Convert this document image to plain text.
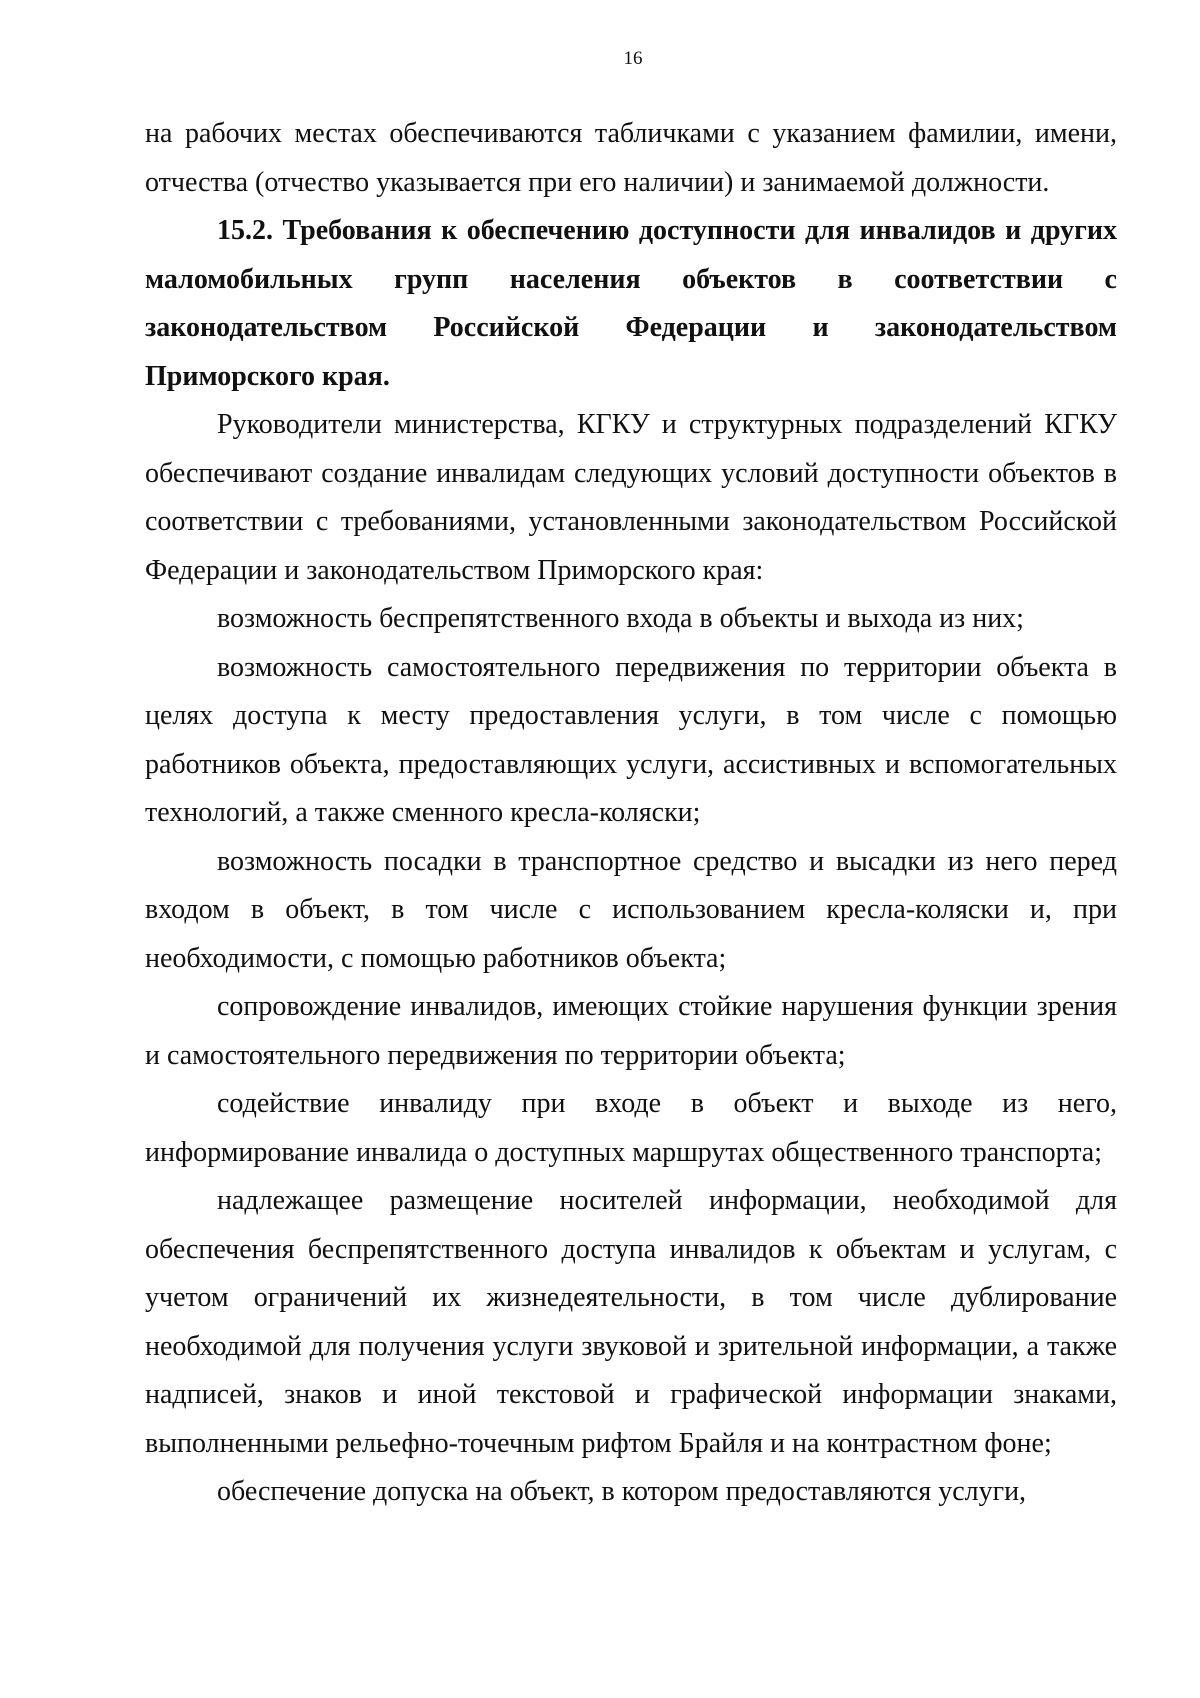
16

на рабочих местах обеспечиваются табличками с указанием фамилии, имени, отчества (отчество указывается при его наличии) и занимаемой должности.

15.2. Требования к обеспечению доступности для инвалидов и других маломобильных групп населения объектов в соответствии с законодательством Российской Федерации и законодательством Приморского края.

Руководители министерства, КГКУ и структурных подразделений КГКУ обеспечивают создание инвалидам следующих условий доступности объектов в соответствии с требованиями, установленными законодательством Российской Федерации и законодательством Приморского края:

возможность беспрепятственного входа в объекты и выхода из них;

возможность самостоятельного передвижения по территории объекта в целях доступа к месту предоставления услуги, в том числе с помощью работников объекта, предоставляющих услуги, ассистивных и вспомогательных технологий, а также сменного кресла-коляски;

возможность посадки в транспортное средство и высадки из него перед входом в объект, в том числе с использованием кресла-коляски и, при необходимости, с помощью работников объекта;

сопровождение инвалидов, имеющих стойкие нарушения функции зрения и самостоятельного передвижения по территории объекта;

содействие инвалиду при входе в объект и выходе из него, информирование инвалида о доступных маршрутах общественного транспорта;

надлежащее размещение носителей информации, необходимой для обеспечения беспрепятственного доступа инвалидов к объектам и услугам, с учетом ограничений их жизнедеятельности, в том числе дублирование необходимой для получения услуги звуковой и зрительной информации, а также надписей, знаков и иной текстовой и графической информации знаками, выполненными рельефно-точечным рифтом Брайля и на контрастном фоне;

обеспечение допуска на объект, в котором предоставляются услуги,
